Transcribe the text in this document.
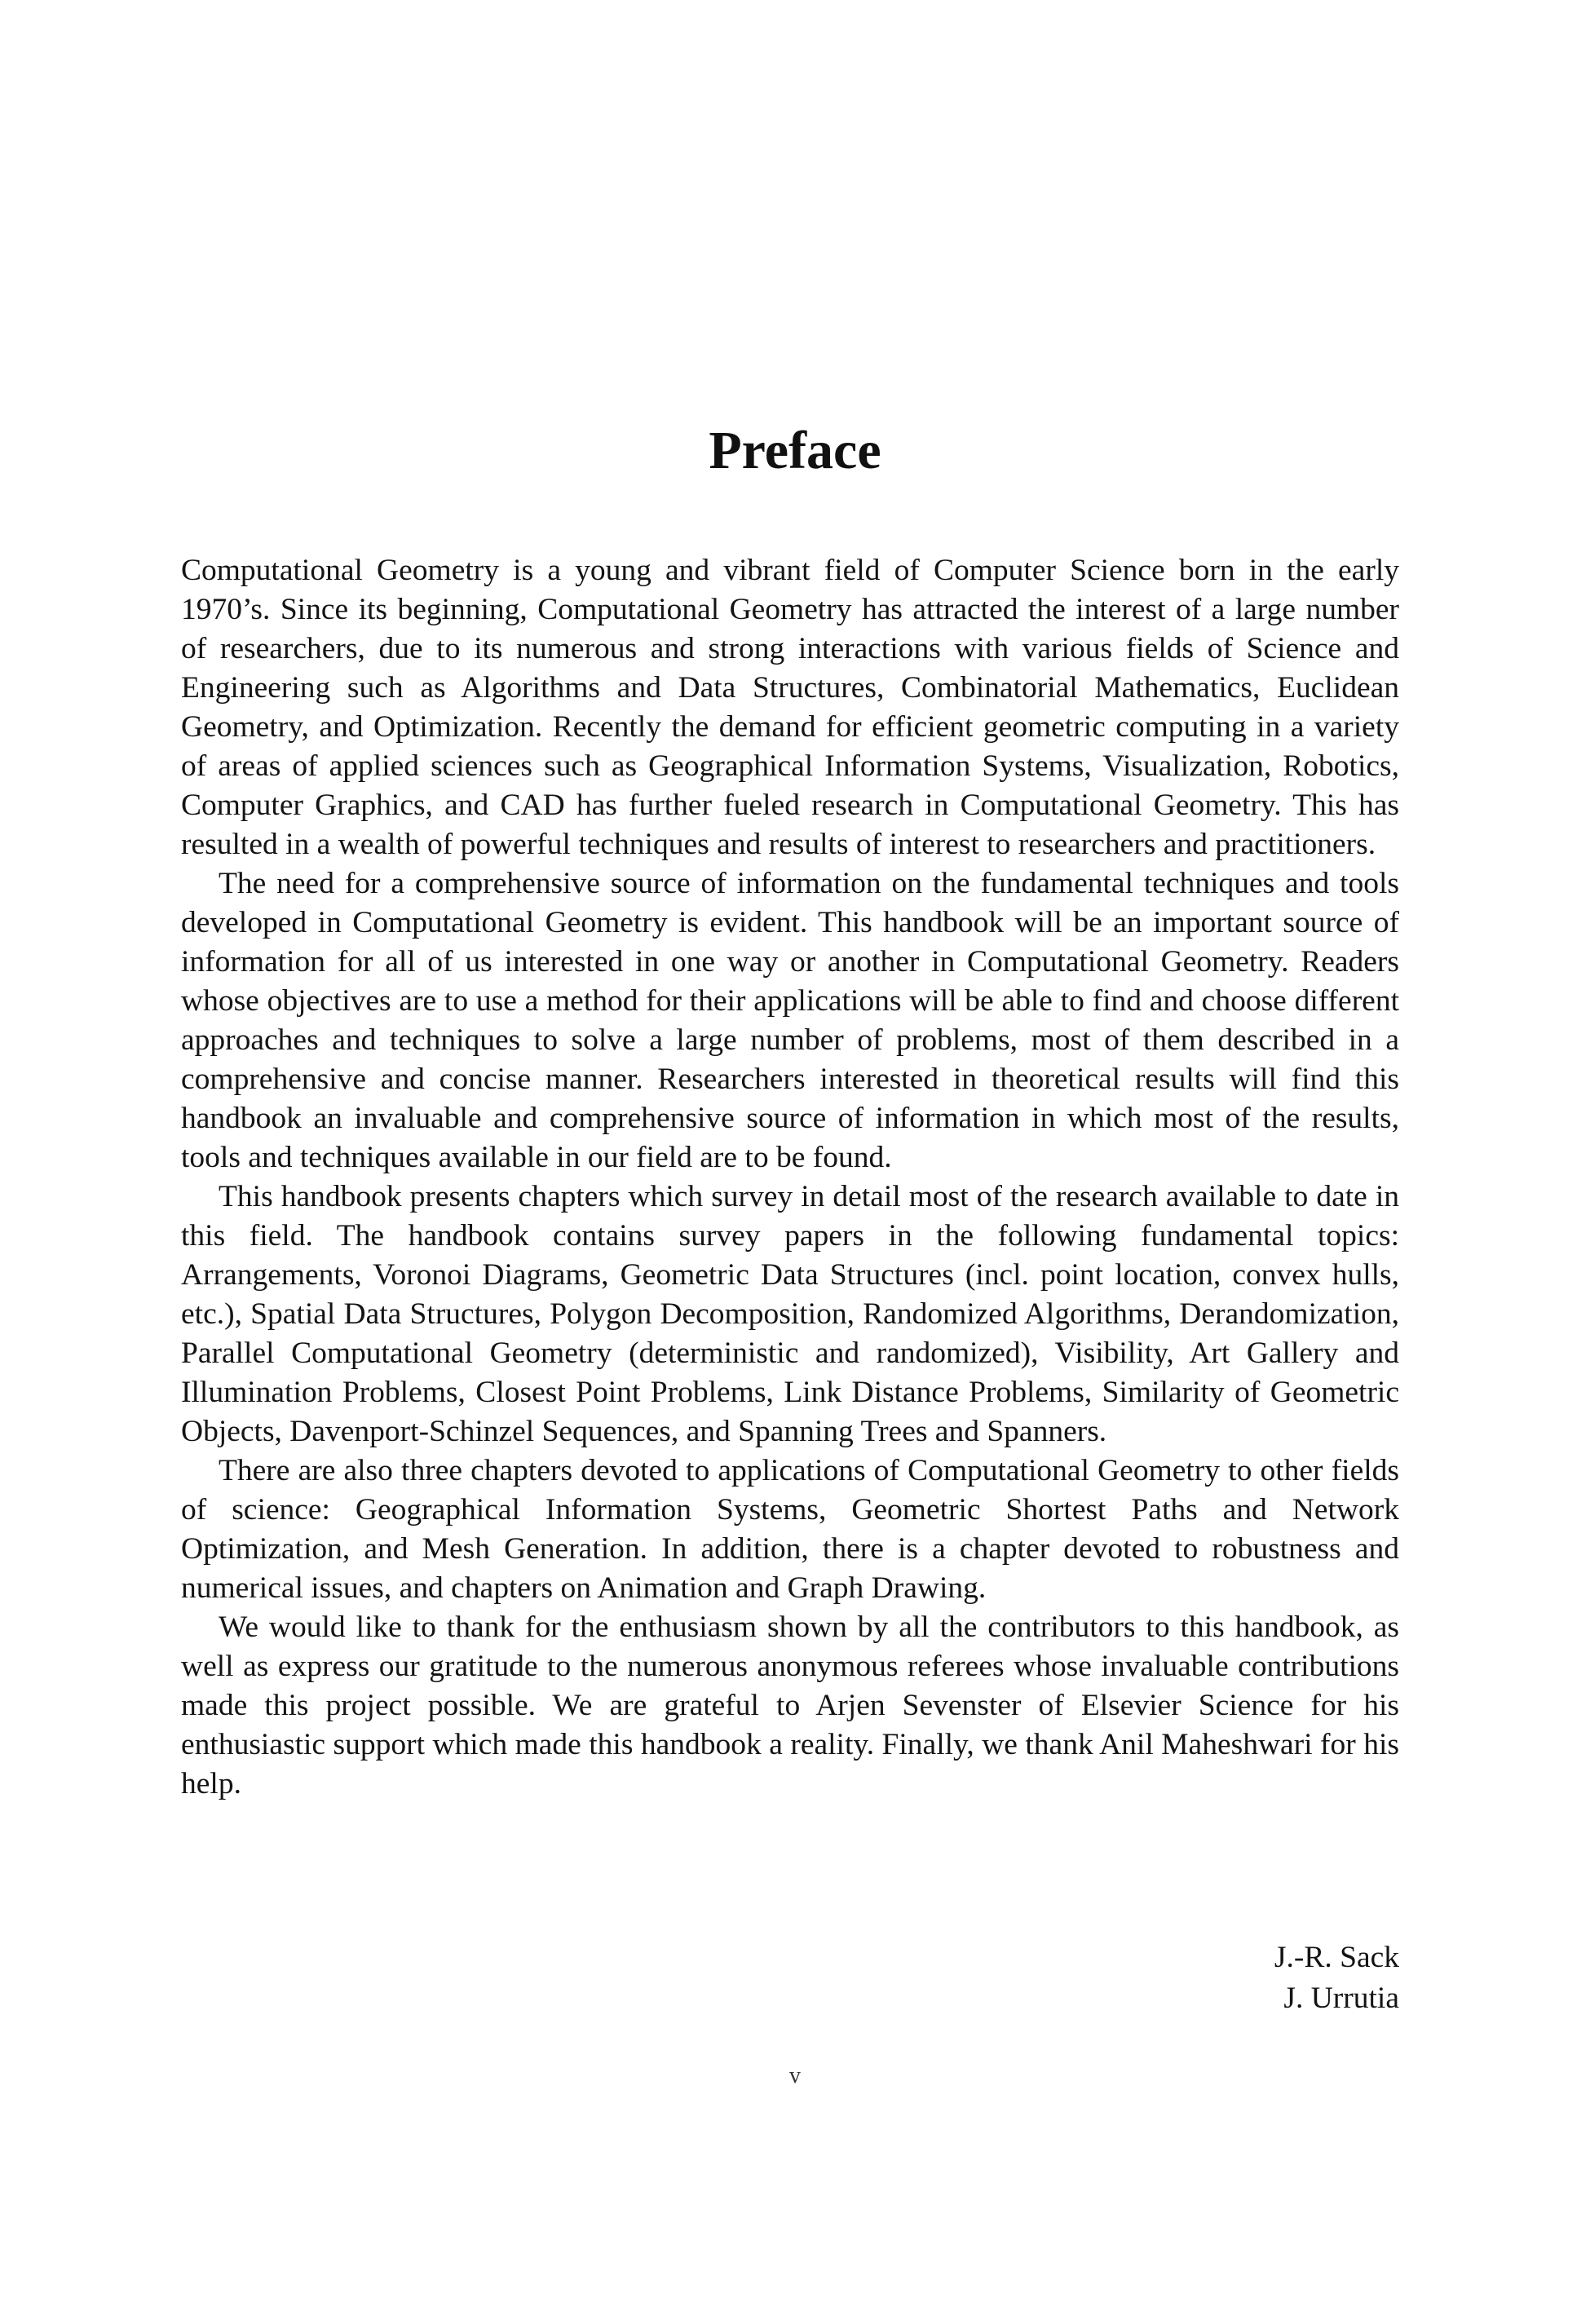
Preface

Computational Geometry is a young and vibrant field of Computer Science born in the early 1970’s. Since its beginning, Computational Geometry has attracted the interest of a large number of researchers, due to its numerous and strong interactions with various fields of Science and Engineering such as Algorithms and Data Structures, Combinatorial Mathematics, Euclidean Geometry, and Optimization. Recently the demand for efficient geometric computing in a variety of areas of applied sciences such as Geographical Information Systems, Visualization, Robotics, Computer Graphics, and CAD has further fueled research in Computational Geometry. This has resulted in a wealth of powerful techniques and results of interest to researchers and practitioners.

The need for a comprehensive source of information on the fundamental techniques and tools developed in Computational Geometry is evident. This handbook will be an important source of information for all of us interested in one way or another in Computational Geometry. Readers whose objectives are to use a method for their applications will be able to find and choose different approaches and techniques to solve a large number of problems, most of them described in a comprehensive and concise manner. Researchers interested in theoretical results will find this handbook an invaluable and comprehensive source of information in which most of the results, tools and techniques available in our field are to be found.

This handbook presents chapters which survey in detail most of the research available to date in this field. The handbook contains survey papers in the following fundamental topics: Arrangements, Voronoi Diagrams, Geometric Data Structures (incl. point location, convex hulls, etc.), Spatial Data Structures, Polygon Decomposition, Randomized Algorithms, Derandomization, Parallel Computational Geometry (deterministic and randomized), Visibility, Art Gallery and Illumination Problems, Closest Point Problems, Link Distance Problems, Similarity of Geometric Objects, Davenport-Schinzel Sequences, and Spanning Trees and Spanners.

There are also three chapters devoted to applications of Computational Geometry to other fields of science: Geographical Information Systems, Geometric Shortest Paths and Network Optimization, and Mesh Generation. In addition, there is a chapter devoted to robustness and numerical issues, and chapters on Animation and Graph Drawing.

We would like to thank for the enthusiasm shown by all the contributors to this handbook, as well as express our gratitude to the numerous anonymous referees whose invaluable contributions made this project possible. We are grateful to Arjen Sevenster of Elsevier Science for his enthusiastic support which made this handbook a reality. Finally, we thank Anil Maheshwari for his help.

J.-R. Sack
J. Urrutia
v
